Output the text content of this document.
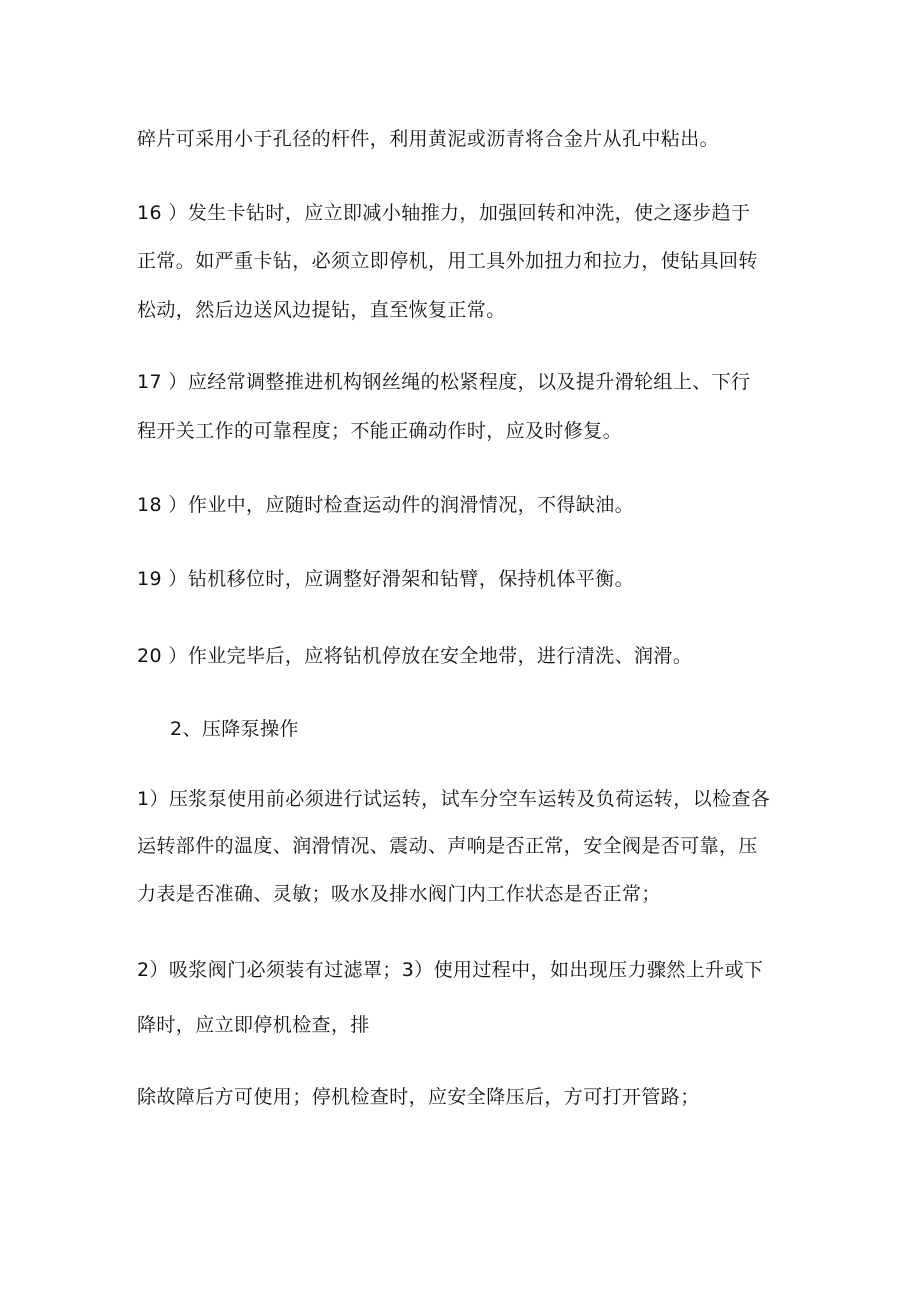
碎片可采用小于孔径的杆件，利用黄泥或沥青将合金片从孔中粘出。
16 ）发生卡钻时，应立即减小轴推力，加强回转和冲洗，使之逐步趋于
正常。如严重卡钻，必须立即停机，用工具外加扭力和拉力，使钻具回转
松动，然后边送风边提钻，直至恢复正常。
17 ）应经常调整推进机构钢丝绳的松紧程度，以及提升滑轮组上、下行
程开关工作的可靠程度；不能正确动作时，应及时修复。
18 ）作业中，应随时检查运动件的润滑情况，不得缺油。
19 ）钻机移位时，应调整好滑架和钻臂，保持机体平衡。
20 ）作业完毕后，应将钻机停放在安全地带，进行清洗、润滑。
2、压降泵操作
1）压浆泵使用前必须进行试运转，试车分空车运转及负荷运转，以检查各
运转部件的温度、润滑情况、震动、声响是否正常，安全阀是否可靠，压
力表是否准确、灵敏；吸水及排水阀门内工作状态是否正常；
2）吸浆阀门必须装有过滤罩；3）使用过程中，如出现压力骤然上升或下
降时，应立即停机检查，排
除故障后方可使用；停机检查时，应安全降压后，方可打开管路；
